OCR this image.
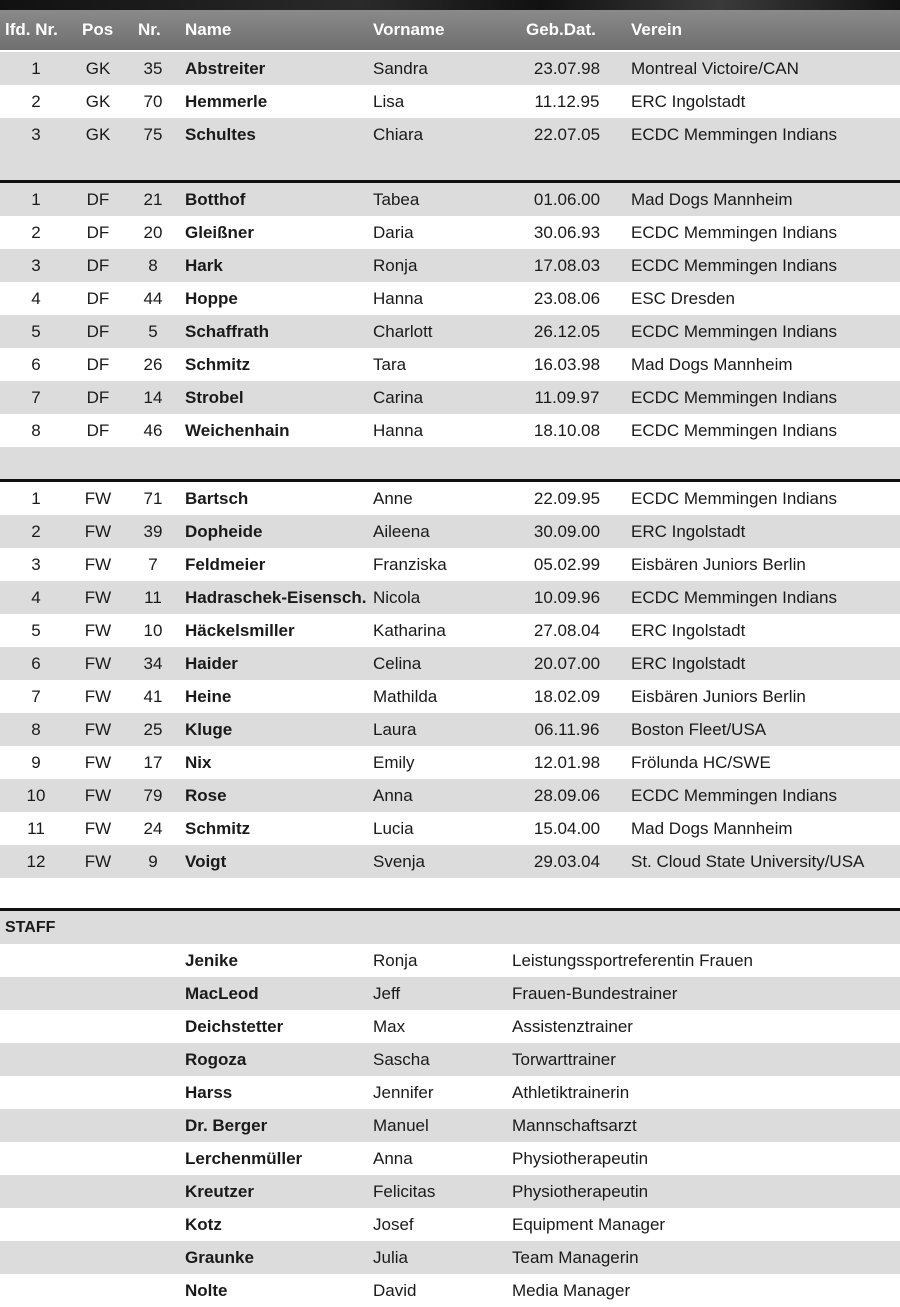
lfd. Nr. Pos Nr. Name	Vorname	Geb.Dat. Verein
1	GK	35	Abstreiter	Sandra	23.07.98	Montreal Victoire/CAN
2	GK	70	Hemmerle	Lisa	11.12.95	ERC Ingolstadt
3	GK	75	Schultes	Chiara	22.07.05	ECDC Memmingen Indians
1	DF	21	Botthof	Tabea	01.06.00	Mad Dogs Mannheim
2	DF	20	Gleißner	Daria	30.06.93	ECDC Memmingen Indians
3	DF	8	Hark	Ronja	17.08.03	ECDC Memmingen Indians
4	DF	44	Hoppe	Hanna	23.08.06	ESC Dresden
5	DF	5	Schaffrath	Charlott	26.12.05	ECDC Memmingen Indians
6	DF	26	Schmitz	Tara	16.03.98	Mad Dogs Mannheim
7	DF	14	Strobel	Carina	11.09.97	ECDC Memmingen Indians
8	DF	46	Weichenhain	Hanna	18.10.08	ECDC Memmingen Indians
1	FW	71	Bartsch	Anne	22.09.95	ECDC Memmingen Indians
2	FW	39	Dopheide	Aileena	30.09.00	ERC Ingolstadt
3	FW	7	Feldmeier	Franziska	05.02.99	Eisbären Juniors Berlin
4	FW	11	Hadraschek-Eisensch. Nicola	10.09.96	ECDC Memmingen Indians
5	FW	10	Häckelsmiller	Katharina	27.08.04	ERC Ingolstadt
6	FW	34	Haider	Celina	20.07.00	ERC Ingolstadt
7	FW	41	Heine	Mathilda	18.02.09	Eisbären Juniors Berlin
8	FW	25	Kluge	Laura	06.11.96	Boston Fleet/USA
9	FW	17	Nix	Emily	12.01.98	Frölunda HC/SWE
10	FW	79	Rose	Anna	28.09.06	ECDC Memmingen Indians
11	FW	24	Schmitz	Lucia	15.04.00	Mad Dogs Mannheim
12	FW	9	Voigt	Svenja	29.03.04	St. Cloud State University/USA
STAFF
Jenike	Ronja	Leistungssportreferentin Frauen
MacLeod	Jeff	Frauen-Bundestrainer
Deichstetter	Max	Assistenztrainer
Rogoza	Sascha	Torwarttrainer
Harss	Jennifer	Athletiktrainerin
Dr. Berger	Manuel	Mannschaftsarzt
Lerchenmüller	Anna	Physiotherapeutin
Kreutzer	Felicitas	Physiotherapeutin
Kotz	Josef	Equipment Manager
Graunke	Julia	Team Managerin
Nolte	David	Media Manager
